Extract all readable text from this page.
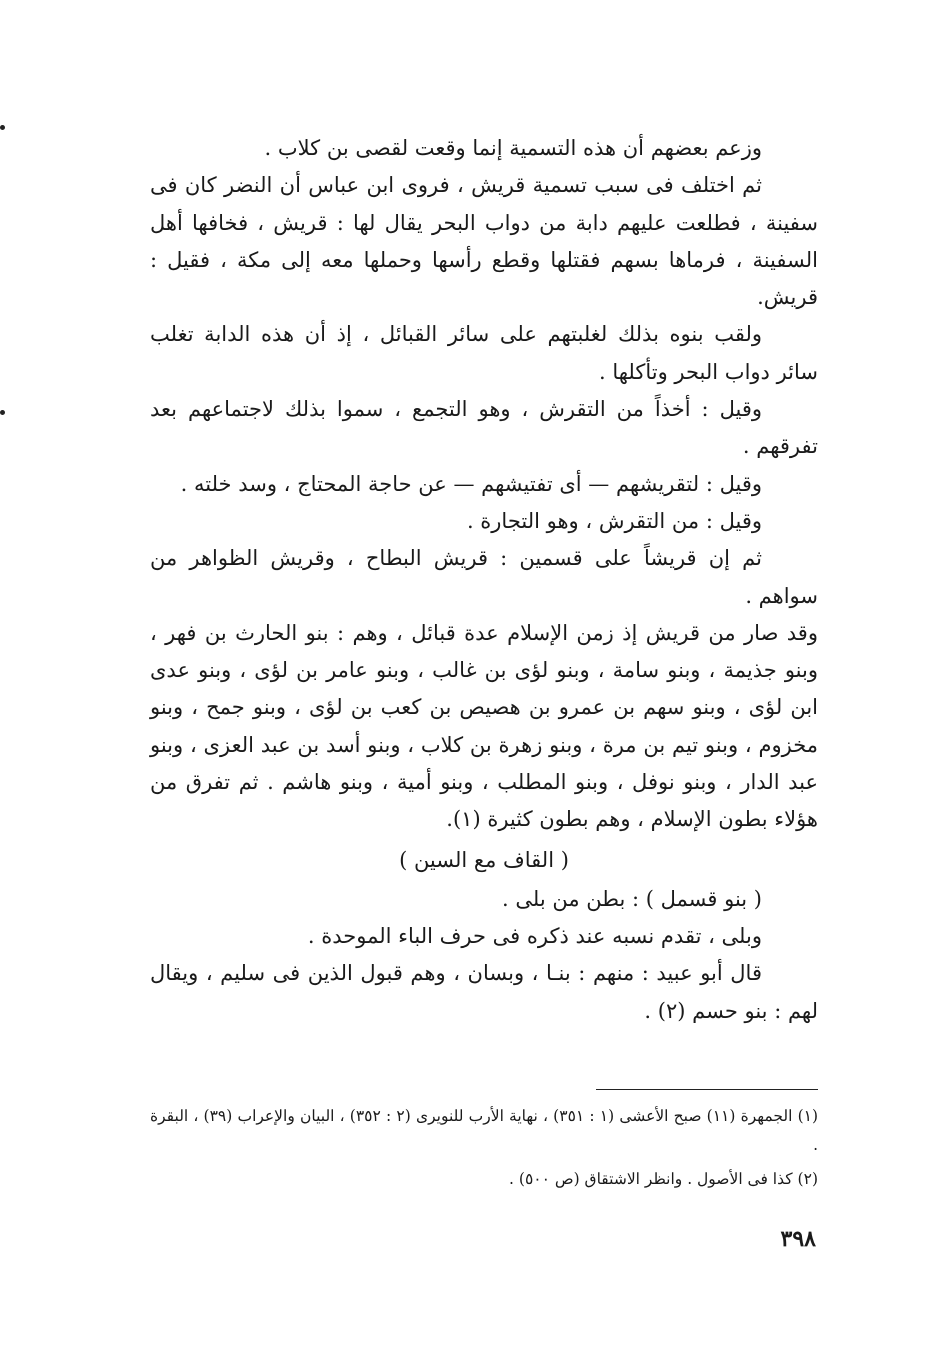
وزعم بعضهم أن هذه التسمية إنما وقعت لقصى بن كلاب .

ثم اختلف فى سبب تسمية قريش ، فروى ابن عباس أن النضر كان فى سفينة ، فطلعت عليهم دابة من دواب البحر يقال لها : قريش ، فخافها أهل السفينة ، فرماها بسهم فقتلها وقطع رأسها وحملها معه إلى مكة ، فقيل : قريش.

ولقب بنوه بذلك لغلبتهم على سائر القبائل ، إذ أن هذه الدابة تغلب سائر دواب البحر وتأكلها .

وقيل : أخذاً من التقرش ، وهو التجمع ، سموا بذلك لاجتماعهم بعد تفرقهم .

وقيل : لتقريشهم — أى تفتيشهم — عن حاجة المحتاج ، وسد خلته .

وقيل : من التقرش ، وهو التجارة .

ثم إن قريشاً على قسمين : قريش البطاح ، وقريش الظواهر من سواهم .

وقد صار من قريش إذ زمن الإسلام عدة قبائل ، وهم : بنو الحارث بن فهر ، وبنو جذيمة ، وبنو سامة ، وبنو لؤى بن غالب ، وبنو عامر بن لؤى ، وبنو عدى ابن لؤى ، وبنو سهم بن عمرو بن هصيص بن كعب بن لؤى ، وبنو جمح ، وبنو مخزوم ، وبنو تيم بن مرة ، وبنو زهرة بن كلاب ، وبنو أسد بن عبد العزى ، وبنو عبد الدار ، وبنو نوفل ، وبنو المطلب ، وبنو أمية ، وبنو هاشم . ثم تفرق من هؤلاء بطون الإسلام ، وهم بطون كثيرة (١).

( القاف مع السين )

( بنو قسمل ) : بطن من بلى .

وبلى ، تقدم نسبه عند ذكره فى حرف الباء الموحدة .

قال أبو عبيد : منهم : بنـا ، وبسان ، وهم قبول الذين فى سليم ، ويقال لهم : بنو حسم (٢) .

(١) الجمهرة (١١) صبح الأعشى (١ : ٣٥١) ، نهاية الأرب للنويرى (٢ : ٣٥٢) ، البيان والإعراب (٣٩) ، البقرة .

(٢) كذا فى الأصول . وانظر الاشتقاق (ص ٥٠٠) .

٣٩٨
